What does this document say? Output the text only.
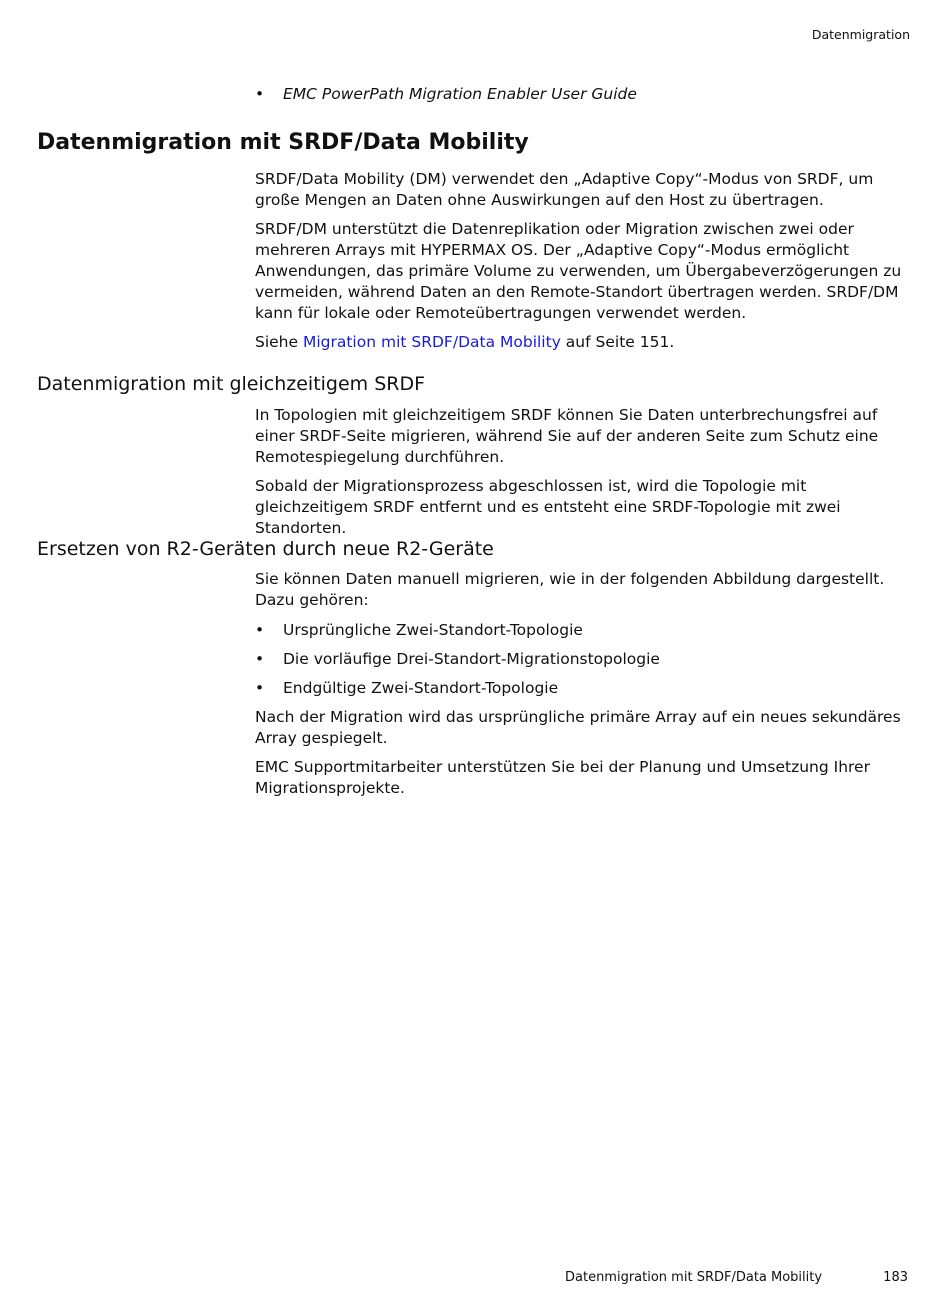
Datenmigration
• EMC PowerPath Migration Enabler User Guide
Datenmigration mit SRDF/Data Mobility

SRDF/Data Mobility (DM) verwendet den „Adaptive Copy“-Modus von SRDF, um große Mengen an Daten ohne Auswirkungen auf den Host zu übertragen.

SRDF/DM unterstützt die Datenreplikation oder Migration zwischen zwei oder mehreren Arrays mit HYPERMAX OS. Der „Adaptive Copy“-Modus ermöglicht Anwendungen, das primäre Volume zu verwenden, um Übergabeverzögerungen zu vermeiden, während Daten an den Remote-Standort übertragen werden. SRDF/DM kann für lokale oder Remoteübertragungen verwendet werden.

Siehe Migration mit SRDF/Data Mobility auf Seite 151.

Datenmigration mit gleichzeitigem SRDF

In Topologien mit gleichzeitigem SRDF können Sie Daten unterbrechungsfrei auf einer SRDF-Seite migrieren, während Sie auf der anderen Seite zum Schutz eine Remotespiegelung durchführen.

Sobald der Migrationsprozess abgeschlossen ist, wird die Topologie mit gleichzeitigem SRDF entfernt und es entsteht eine SRDF-Topologie mit zwei Standorten.

Ersetzen von R2-Geräten durch neue R2-Geräte

Sie können Daten manuell migrieren, wie in der folgenden Abbildung dargestellt. Dazu gehören:

• Ursprüngliche Zwei-Standort-Topologie
• Die vorläufige Drei-Standort-Migrationstopologie
• Endgültige Zwei-Standort-Topologie

Nach der Migration wird das ursprüngliche primäre Array auf ein neues sekundäres Array gespiegelt.

EMC Supportmitarbeiter unterstützen Sie bei der Planung und Umsetzung Ihrer Migrationsprojekte.

Datenmigration mit SRDF/Data Mobility	183
